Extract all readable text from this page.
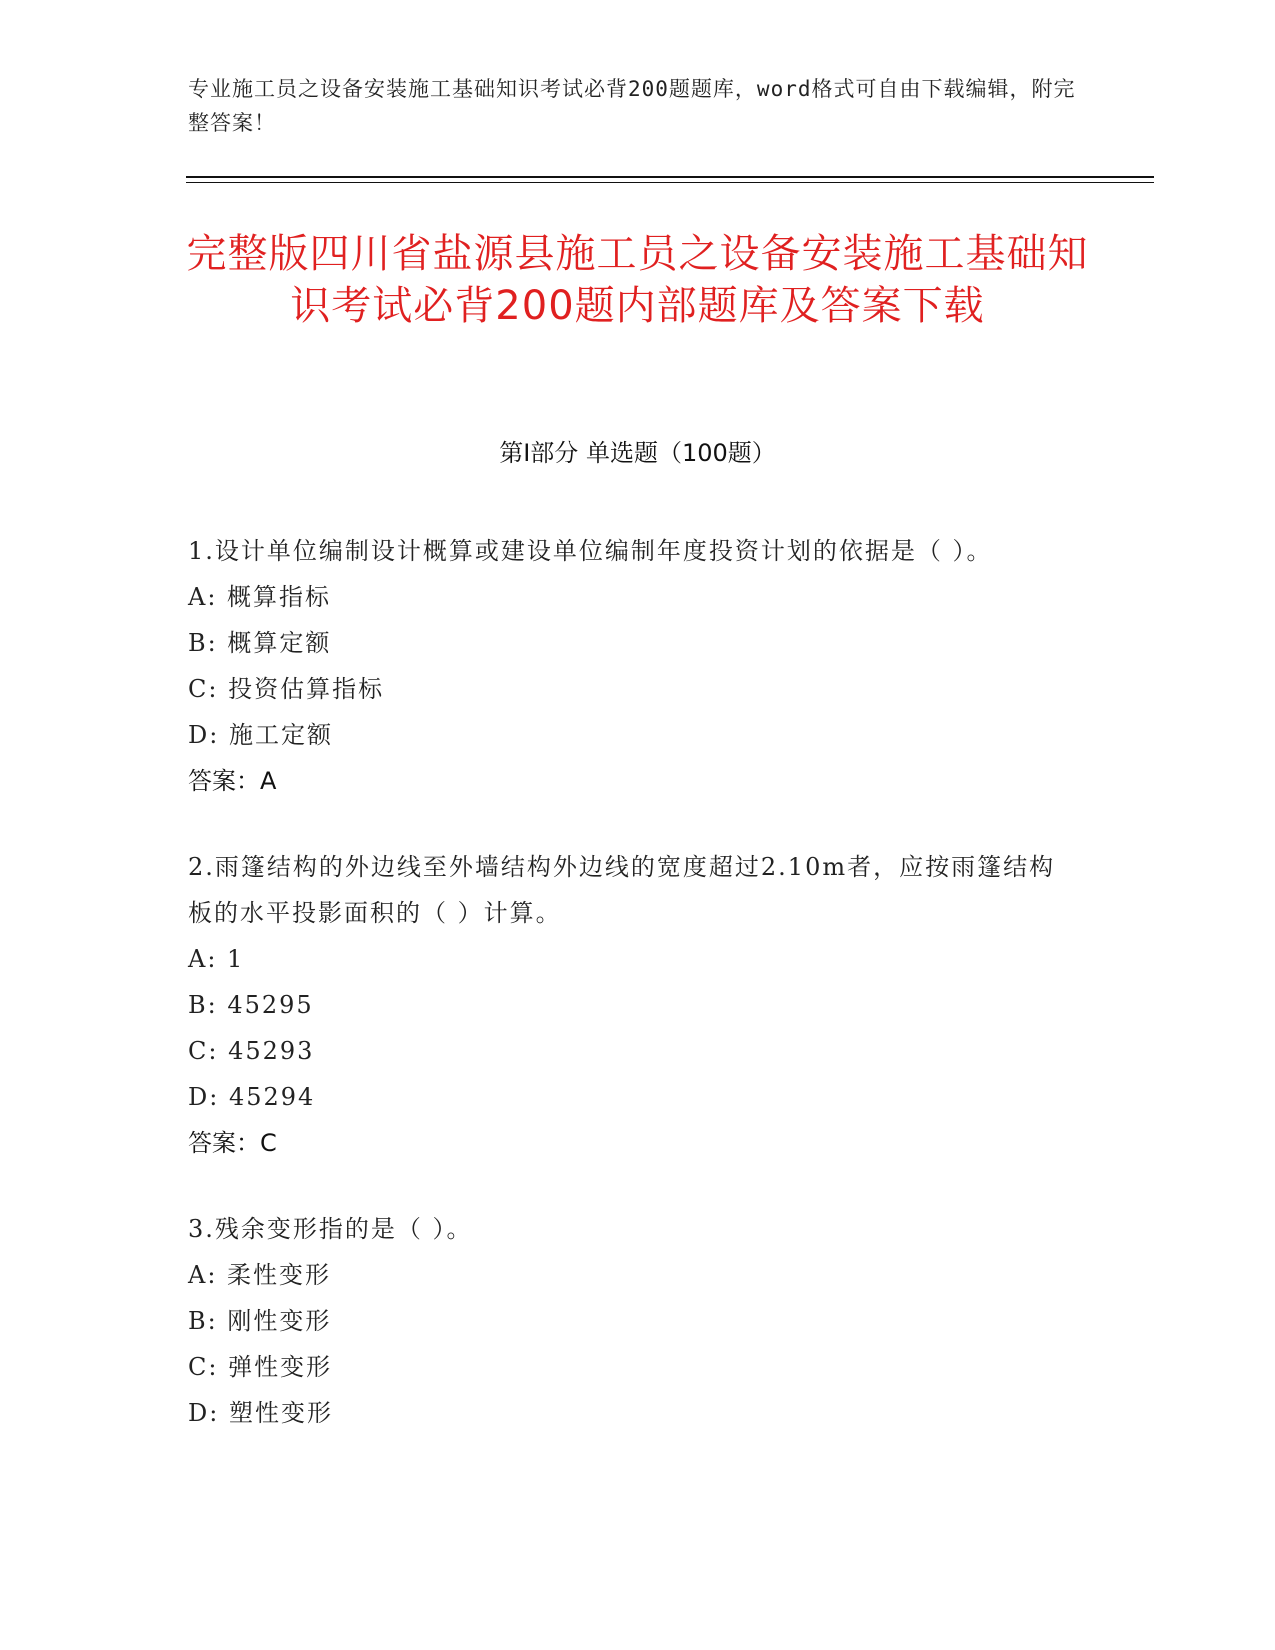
专业施工员之设备安装施工基础知识考试必背200题题库，word格式可自由下载编辑，附完整答案！
完整版四川省盐源县施工员之设备安装施工基础知识考试必背200题内部题库及答案下载
第Ⅰ部分 单选题（100题）
1.设计单位编制设计概算或建设单位编制年度投资计划的依据是（ ）。
A: 概算指标
B: 概算定额
C: 投资估算指标
D: 施工定额
答案：A
2.雨篷结构的外边线至外墙结构外边线的宽度超过2.10m者，应按雨篷结构板的水平投影面积的（ ）计算。
A: 1
B: 45295
C: 45293
D: 45294
答案：C
3.残余变形指的是（ ）。
A: 柔性变形
B: 刚性变形
C: 弹性变形
D: 塑性变形
